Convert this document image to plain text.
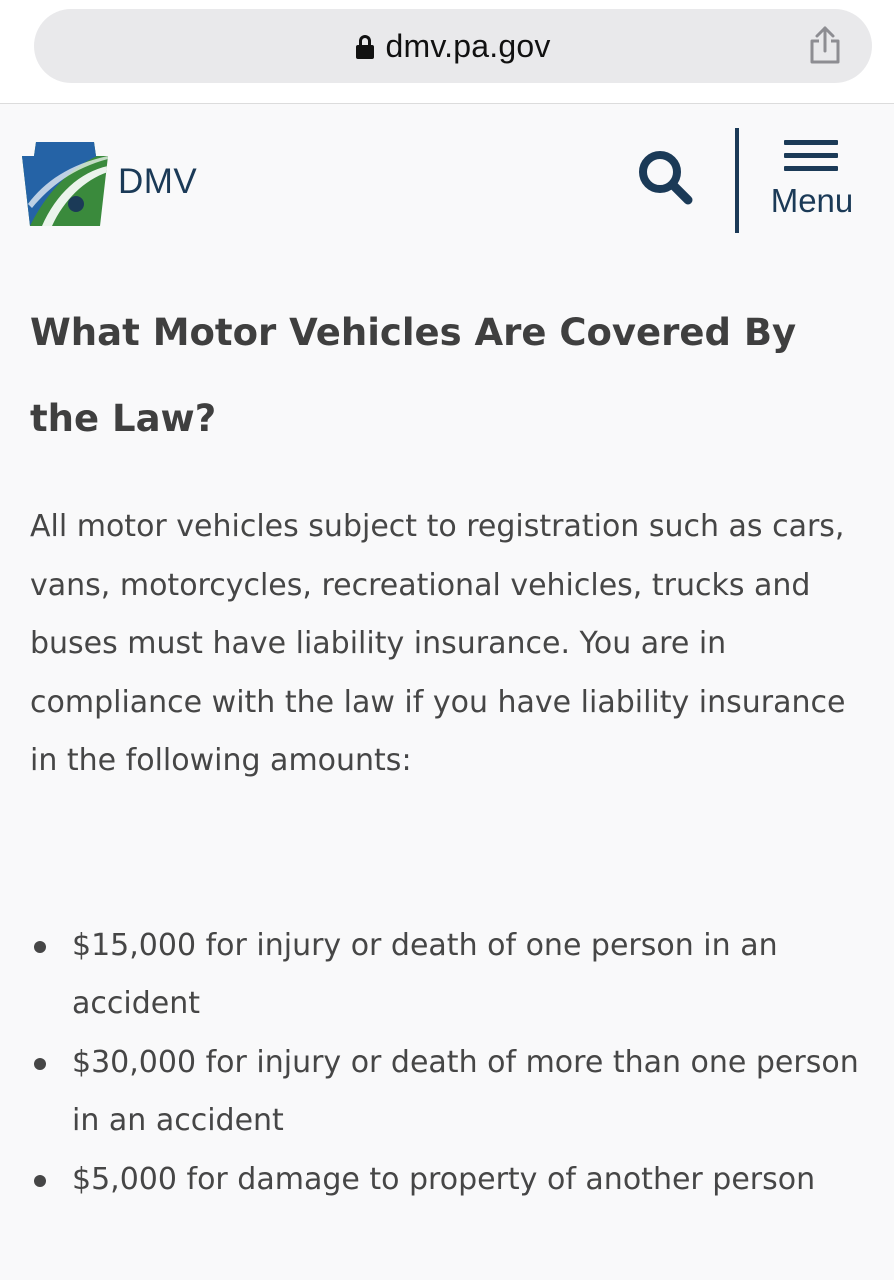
dmv.pa.gov
DMV	Menu
What Motor Vehicles Are Covered By the Law?

All motor vehicles subject to registration such as cars, vans, motorcycles, recreational vehicles, trucks and buses must have liability insurance. You are in compliance with the law if you have liability insurance in the following amounts:

$15,000 for injury or death of one person in an accident
$30,000 for injury or death of more than one person in an accident
$5,000 for damage to property of another person
